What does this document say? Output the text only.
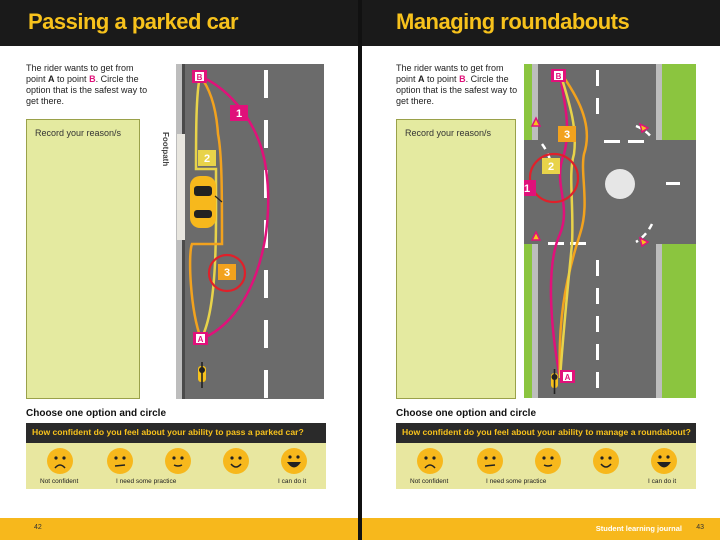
Passing a parked car

The rider wants to get from point A to point B. Circle the option that is the safest way to get there.

Record your reason/s
B
1
2
3
A
Footpath
Choose one option and circle
How confident do you feel about your ability to pass a parked car?
Not confident	I need some practice	I can do it
42
Managing roundabouts

The rider wants to get from point A to point B. Circle the option that is the safest way to get there.

Record your reason/s
A
B
3
2
1
Choose one option and circle
How confident do you feel about your ability to manage a roundabout?
Not confident	I need some practice	I can do it
Student learning journal 43
